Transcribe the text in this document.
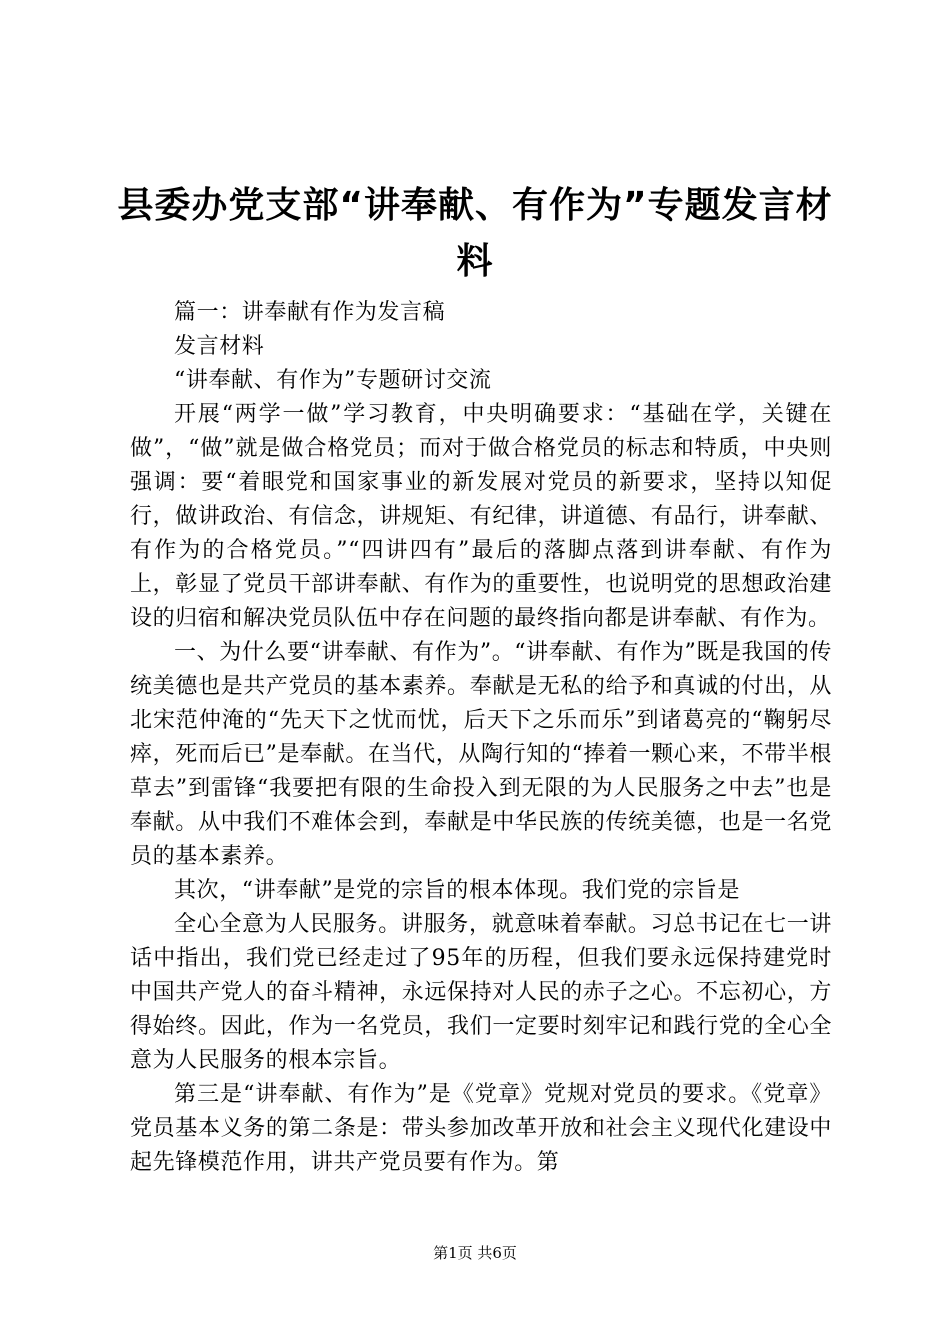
县委办党支部“讲奉献、有作为”专题发言材料

篇一：讲奉献有作为发言稿

发言材料

“讲奉献、有作为”专题研讨交流

开展“两学一做”学习教育，中央明确要求：“基础在学，关键在做”，“做”就是做合格党员；而对于做合格党员的标志和特质，中央则强调：要“着眼党和国家事业的新发展对党员的新要求，坚持以知促行，做讲政治、有信念，讲规矩、有纪律，讲道德、有品行，讲奉献、有作为的合格党员。”“四讲四有”最后的落脚点落到讲奉献、有作为上，彰显了党员干部讲奉献、有作为的重要性，也说明党的思想政治建设的归宿和解决党员队伍中存在问题的最终指向都是讲奉献、有作为。

一、为什么要“讲奉献、有作为”。“讲奉献、有作为”既是我国的传统美德也是共产党员的基本素养。奉献是无私的给予和真诚的付出，从北宋范仲淹的“先天下之忧而忧，后天下之乐而乐”到诸葛亮的“鞠躬尽瘁，死而后已”是奉献。在当代，从陶行知的“捧着一颗心来，不带半根草去”到雷锋“我要把有限的生命投入到无限的为人民服务之中去”也是奉献。从中我们不难体会到，奉献是中华民族的传统美德，也是一名党员的基本素养。

其次，“讲奉献”是党的宗旨的根本体现。我们党的宗旨是

全心全意为人民服务。讲服务，就意味着奉献。习总书记在七一讲话中指出，我们党已经走过了95年的历程，但我们要永远保持建党时中国共产党人的奋斗精神，永远保持对人民的赤子之心。不忘初心，方得始终。因此，作为一名党员，我们一定要时刻牢记和践行党的全心全意为人民服务的根本宗旨。

第三是“讲奉献、有作为”是《党章》党规对党员的要求。《党章》党员基本义务的第二条是：带头参加改革开放和社会主义现代化建设中起先锋模范作用，讲共产党员要有作为。第

第1页 共6页
